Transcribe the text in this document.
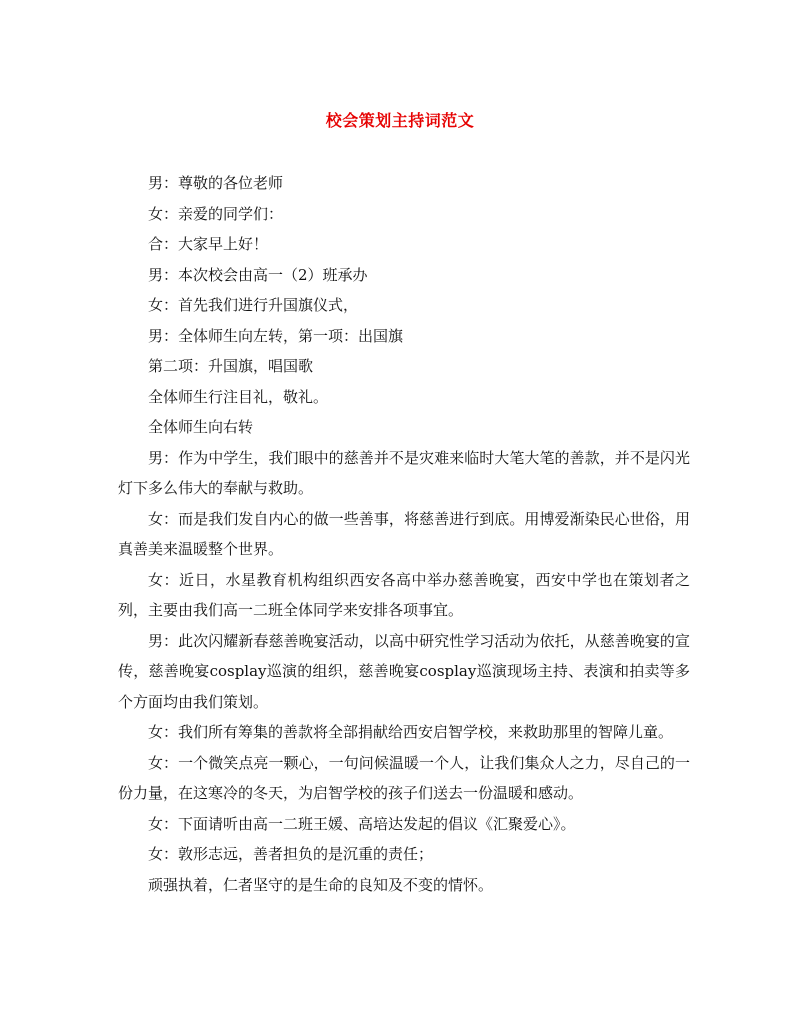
校会策划主持词范文

男：尊敬的各位老师

女：亲爱的同学们：

合：大家早上好！

男：本次校会由高一（2）班承办

女：首先我们进行升国旗仪式，

男：全体师生向左转，第一项：出国旗

第二项：升国旗，唱国歌

全体师生行注目礼，敬礼。

全体师生向右转

男：作为中学生，我们眼中的慈善并不是灾难来临时大笔大笔的善款，并不是闪光灯下多么伟大的奉献与救助。

女：而是我们发自内心的做一些善事，将慈善进行到底。用博爱渐染民心世俗，用真善美来温暖整个世界。

女：近日，水星教育机构组织西安各高中举办慈善晚宴，西安中学也在策划者之列，主要由我们高一二班全体同学来安排各项事宜。

男：此次闪耀新春慈善晚宴活动，以高中研究性学习活动为依托，从慈善晚宴的宣传，慈善晚宴cosplay巡演的组织，慈善晚宴cosplay巡演现场主持、表演和拍卖等多个方面均由我们策划。

女：我们所有筹集的善款将全部捐献给西安启智学校，来救助那里的智障儿童。

女：一个微笑点亮一颗心，一句问候温暖一个人，让我们集众人之力，尽自己的一份力量，在这寒冷的冬天，为启智学校的孩子们送去一份温暖和感动。

女：下面请听由高一二班王媛、高培达发起的倡议《汇聚爱心》。

女：敦形志远，善者担负的是沉重的责任；

顽强执着，仁者坚守的是生命的良知及不变的情怀。
